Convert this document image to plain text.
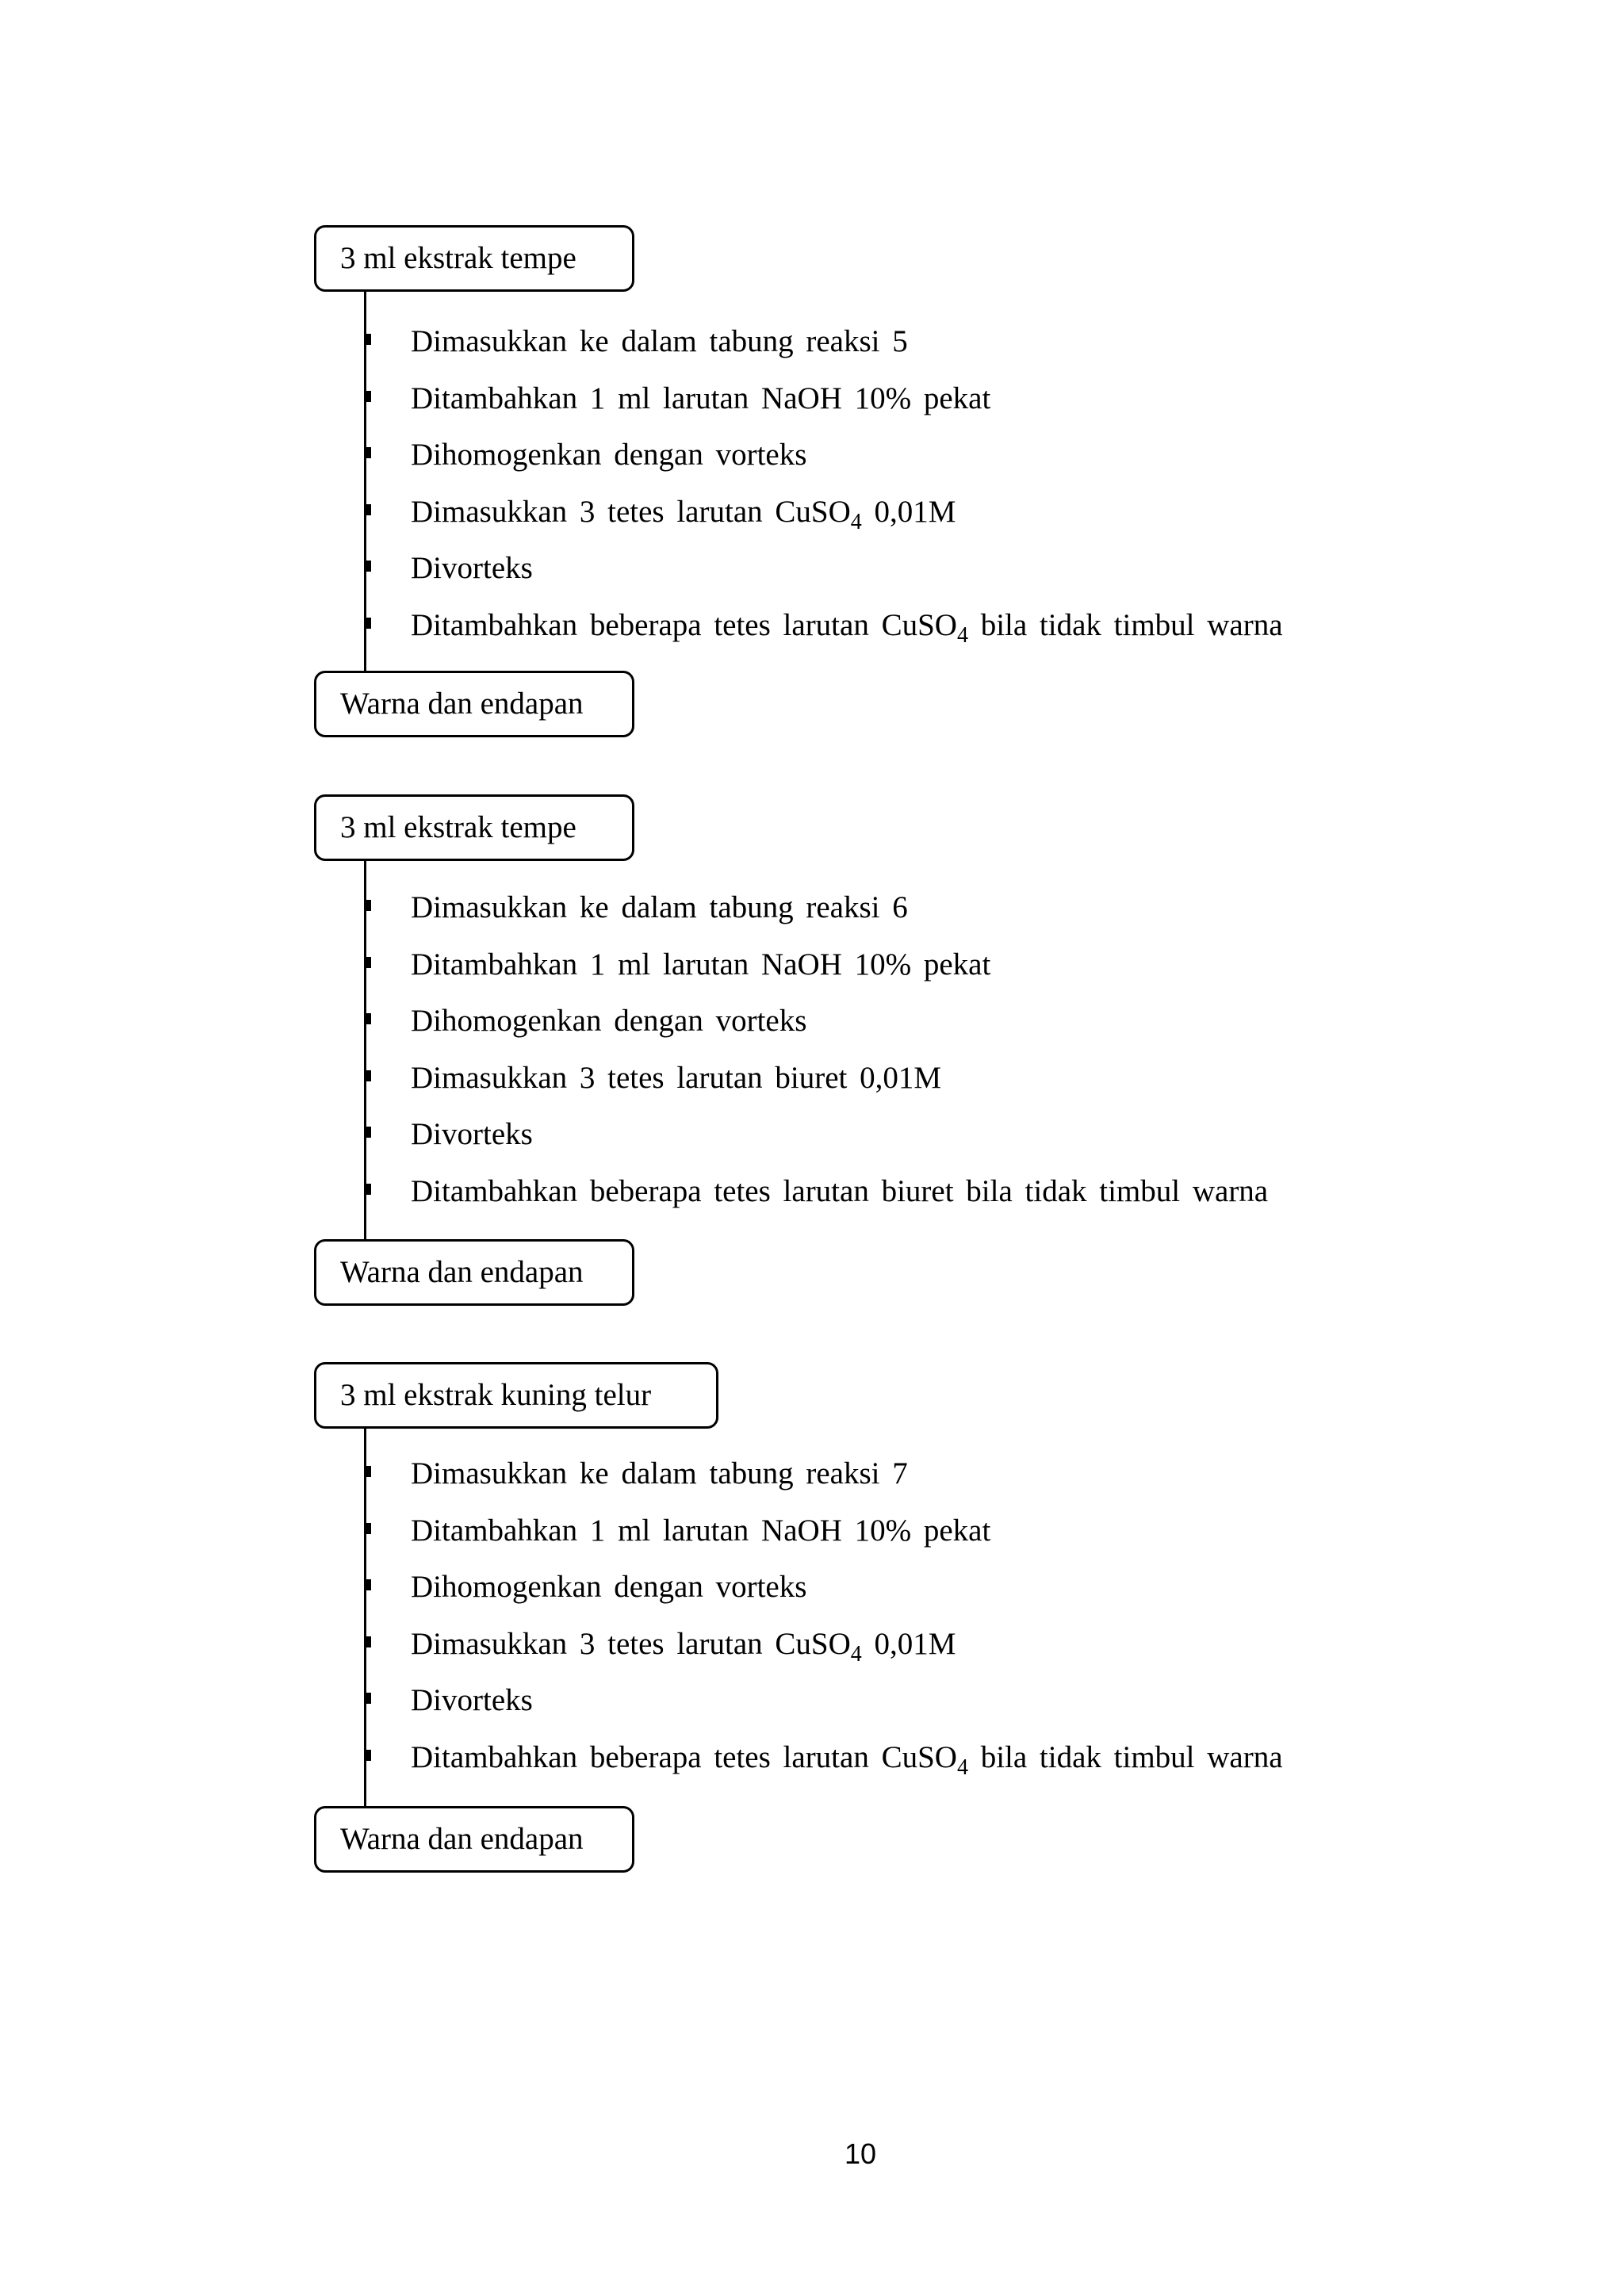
3 ml ekstrak tempe
Dimasukkan ke dalam tabung reaksi 5
Ditambahkan 1 ml larutan NaOH 10% pekat
Dihomogenkan dengan vorteks
Dimasukkan 3 tetes larutan CuSO$_4$ 0,01M
Divorteks
Ditambahkan beberapa tetes larutan CuSO$_4$ bila tidak timbul warna
Warna dan endapan
3 ml ekstrak tempe
Dimasukkan ke dalam tabung reaksi 6
Ditambahkan 1 ml larutan NaOH 10% pekat
Dihomogenkan dengan vorteks
Dimasukkan 3 tetes larutan biuret 0,01M
Divorteks
Ditambahkan beberapa tetes larutan biuret bila tidak timbul warna
Warna dan endapan
3 ml ekstrak kuning telur
Dimasukkan ke dalam tabung reaksi 7
Ditambahkan 1 ml larutan NaOH 10% pekat
Dihomogenkan dengan vorteks
Dimasukkan 3 tetes larutan CuSO$_4$ 0,01M
Divorteks
Ditambahkan beberapa tetes larutan CuSO$_4$ bila tidak timbul warna
Warna dan endapan
10
